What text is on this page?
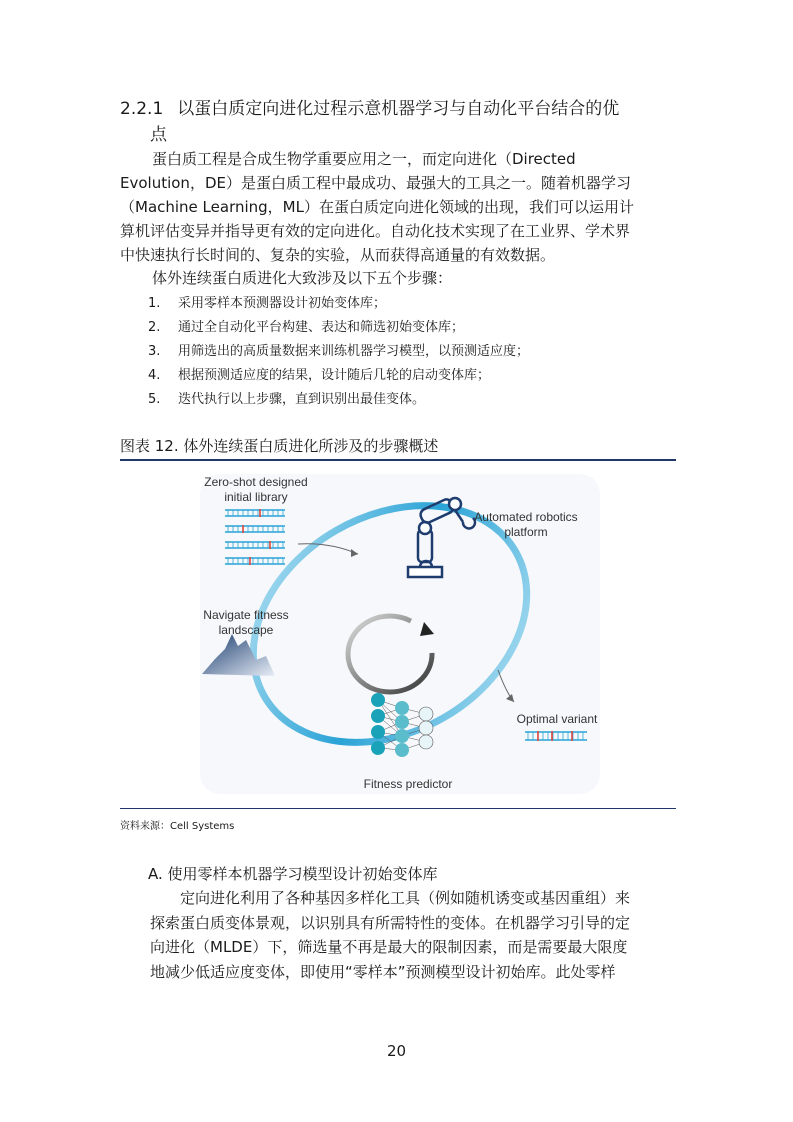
2.2.1 以蛋白质定向进化过程示意机器学习与自动化平台结合的优
点
蛋白质工程是合成生物学重要应用之一，而定向进化（Directed
Evolution，DE）是蛋白质工程中最成功、最强大的工具之一。随着机器学习
（Machine Learning，ML）在蛋白质定向进化领域的出现，我们可以运用计
算机评估变异并指导更有效的定向进化。自动化技术实现了在工业界、学术界
中快速执行长时间的、复杂的实验，从而获得高通量的有效数据。
体外连续蛋白质进化大致涉及以下五个步骤：
1. 采用零样本预测器设计初始变体库；
2. 通过全自动化平台构建、表达和筛选初始变体库；
3. 用筛选出的高质量数据来训练机器学习模型，以预测适应度；
4. 根据预测适应度的结果，设计随后几轮的启动变体库；
5. 迭代执行以上步骤，直到识别出最佳变体。
图表 12. 体外连续蛋白质进化所涉及的步骤概述
Zero-shot designed
initial library
Automated robotics
platform
Navigate fitness
landscape
Optimal variant
Fitness predictor
资料来源：Cell Systems
A. 使用零样本机器学习模型设计初始变体库
定向进化利用了各种基因多样化工具（例如随机诱变或基因重组）来
探索蛋白质变体景观，以识别具有所需特性的变体。在机器学习引导的定
向进化（MLDE）下，筛选量不再是最大的限制因素，而是需要最大限度
地减少低适应度变体，即使用“零样本”预测模型设计初始库。此处零样
20
